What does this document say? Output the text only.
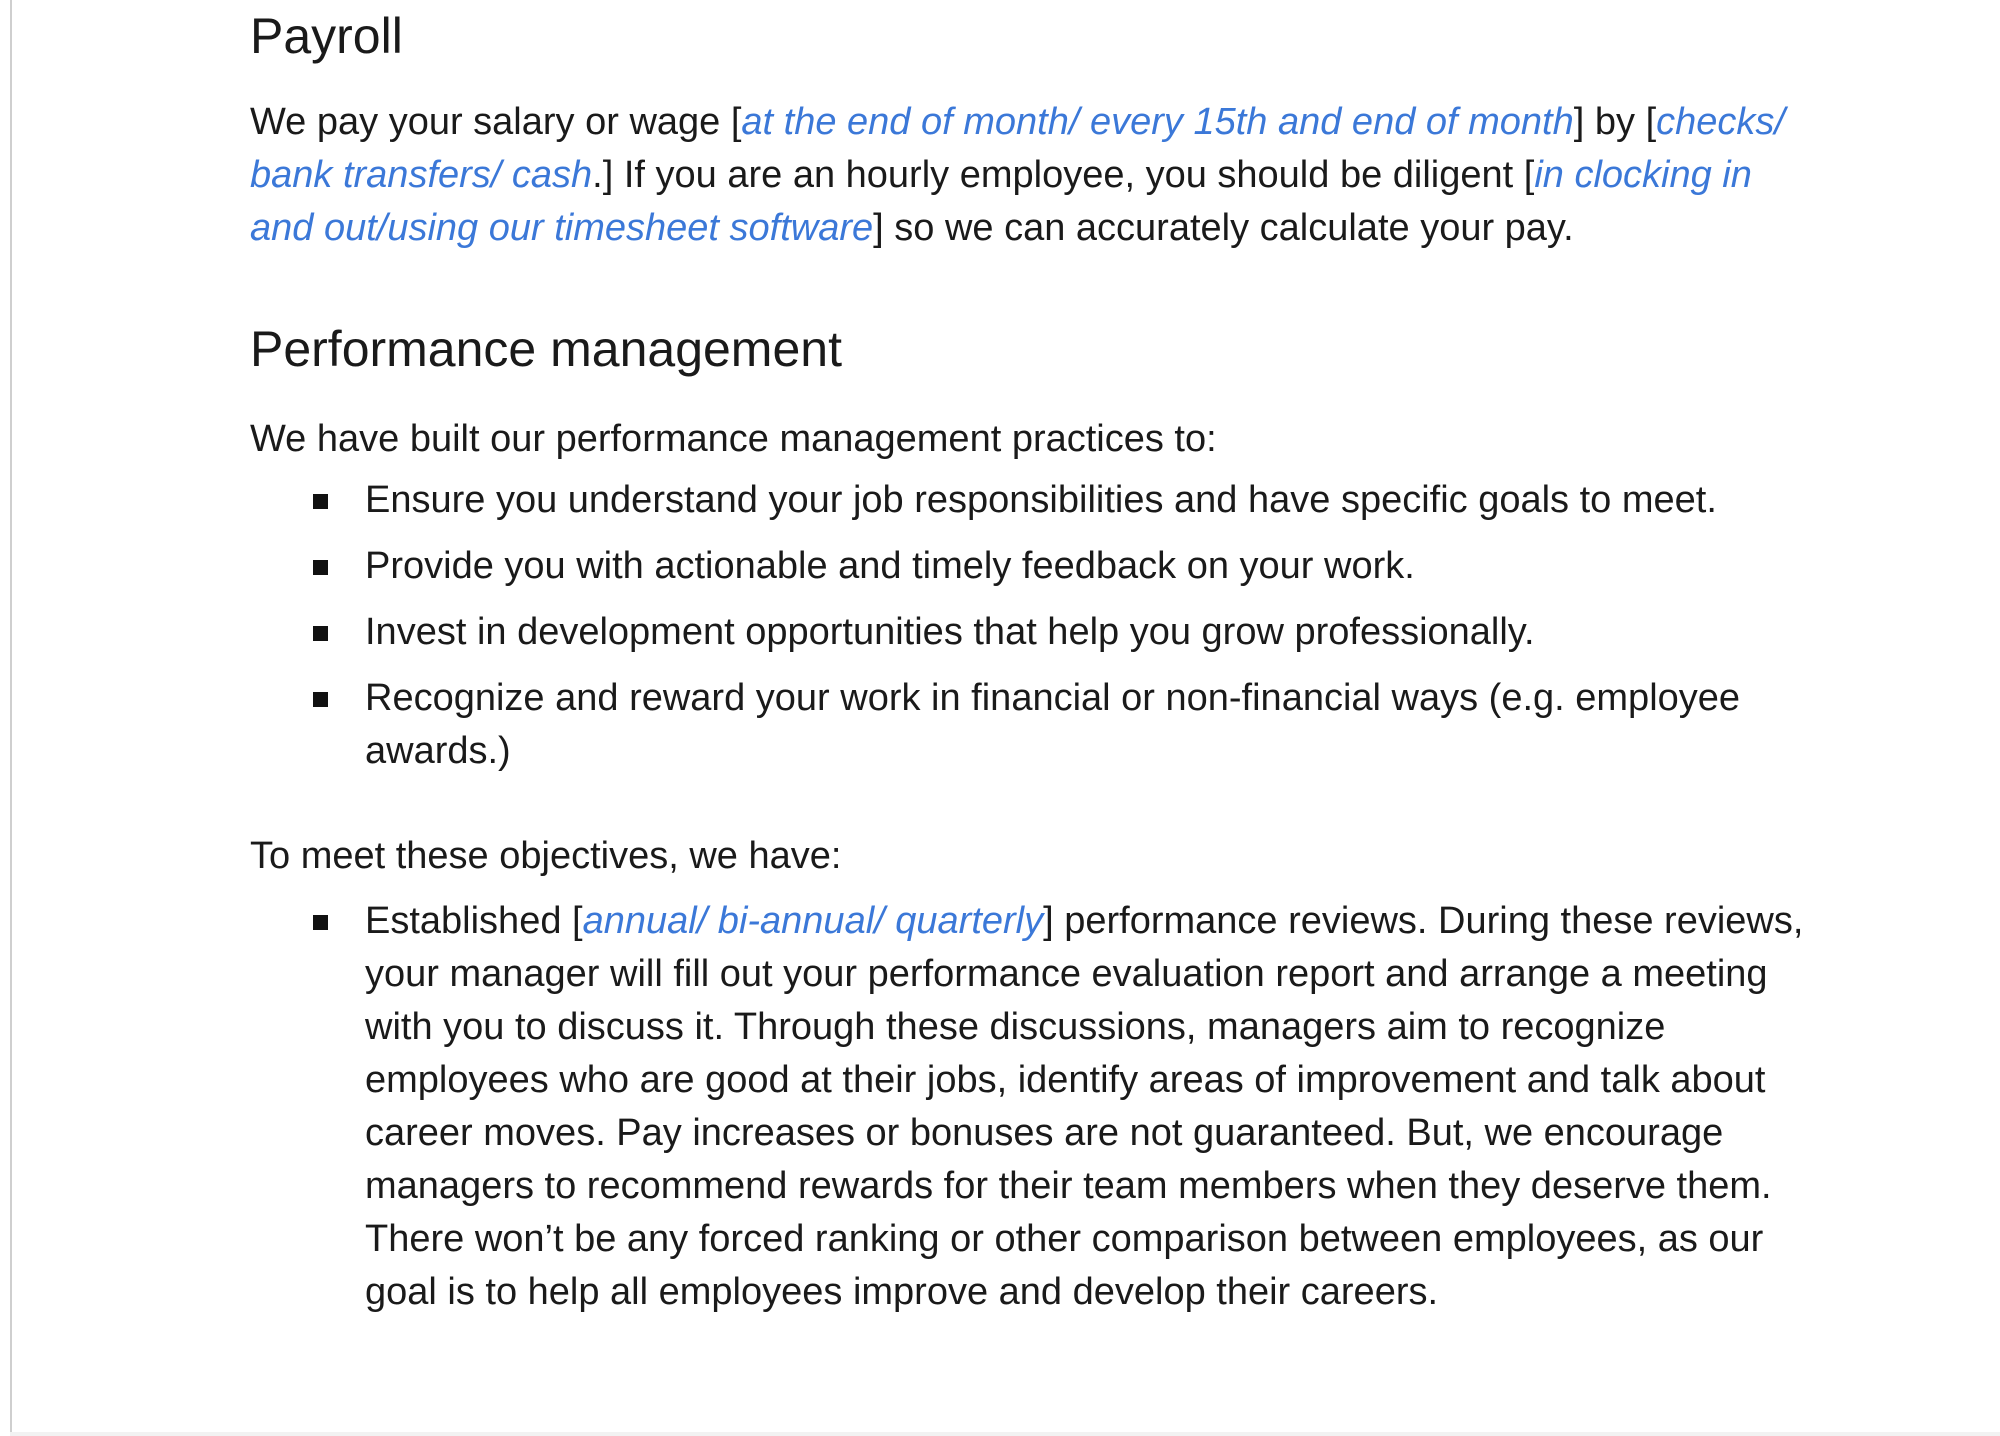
Payroll

We pay your salary or wage [at the end of month/ every 15th and end of month] by [checks/ bank transfers/ cash.] If you are an hourly employee, you should be diligent [in clocking in and out/using our timesheet software] so we can accurately calculate your pay.

Performance management

We have built our performance management practices to:

Ensure you understand your job responsibilities and have specific goals to meet.
Provide you with actionable and timely feedback on your work.
Invest in development opportunities that help you grow professionally.
Recognize and reward your work in financial or non-financial ways (e.g. employee awards.)

To meet these objectives, we have:

Established [annual/ bi-annual/ quarterly] performance reviews. During these reviews, your manager will fill out your performance evaluation report and arrange a meeting with you to discuss it. Through these discussions, managers aim to recognize employees who are good at their jobs, identify areas of improvement and talk about career moves. Pay increases or bonuses are not guaranteed. But, we encourage managers to recommend rewards for their team members when they deserve them. There won’t be any forced ranking or other comparison between employees, as our goal is to help all employees improve and develop their careers.
